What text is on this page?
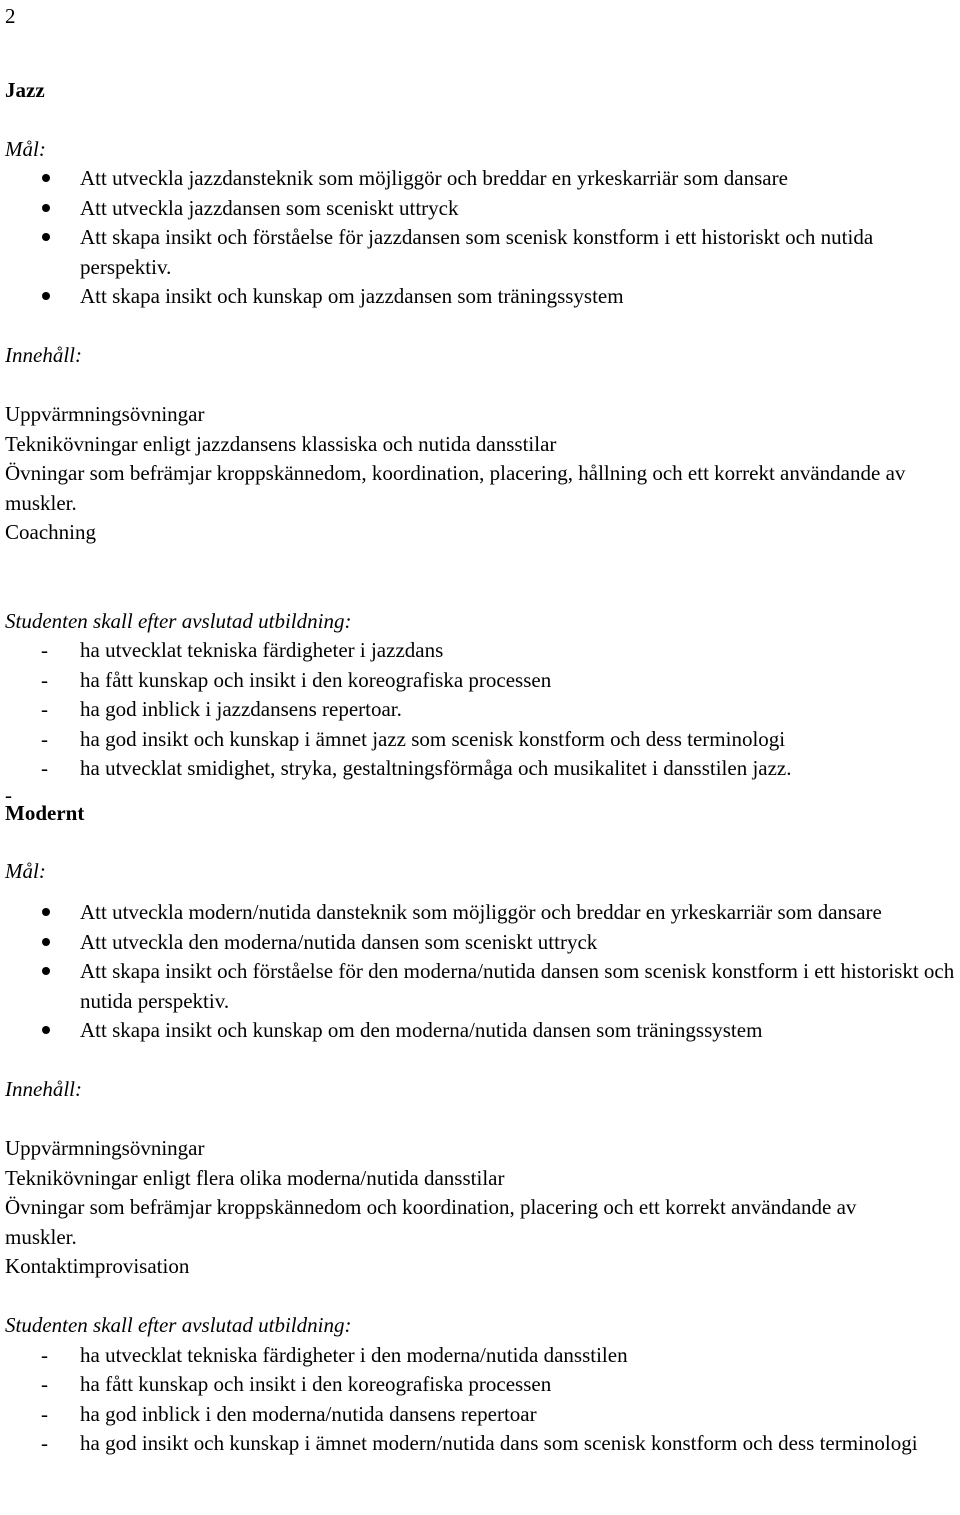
2
Jazz
Mål:
Att utveckla jazzdansteknik som möjliggör och breddar en yrkeskarriär som dansare
Att utveckla jazzdansen som sceniskt uttryck
Att skapa insikt och förståelse för jazzdansen som scenisk konstform i ett historiskt och nutida perspektiv.
Att skapa insikt och kunskap om jazzdansen som träningssystem
Innehåll:
Uppvärmningsövningar
Teknikövningar enligt jazzdansens klassiska och nutida dansstilar
Övningar som befrämjar kroppskännedom, koordination, placering, hållning och ett korrekt användande av muskler.
Coachning
Studenten skall efter avslutad utbildning:
- ha utvecklat tekniska färdigheter i jazzdans
- ha fått kunskap och insikt i den koreografiska processen
- ha god inblick i jazzdansens repertoar.
- ha god insikt och kunskap i ämnet jazz som scenisk konstform och dess terminologi
- ha utvecklat smidighet, stryka, gestaltningsförmåga och musikalitet i dansstilen jazz.
-
Modernt
Mål:
Att utveckla modern/nutida dansteknik som möjliggör och breddar en yrkeskarriär som dansare
Att utveckla den moderna/nutida dansen som sceniskt uttryck
Att skapa insikt och förståelse för den moderna/nutida dansen som scenisk konstform i ett historiskt och nutida perspektiv.
Att skapa insikt och kunskap om den moderna/nutida dansen som träningssystem
Innehåll:
Uppvärmningsövningar
Teknikövningar enligt flera olika moderna/nutida dansstilar
Övningar som befrämjar kroppskännedom och koordination, placering och ett korrekt användande av muskler.
Kontaktimprovisation
Studenten skall efter avslutad utbildning:
- ha utvecklat tekniska färdigheter i den moderna/nutida dansstilen
- ha fått kunskap och insikt i den koreografiska processen
- ha god inblick i den moderna/nutida dansens repertoar
- ha god insikt och kunskap i ämnet modern/nutida dans som scenisk konstform och dess terminologi
